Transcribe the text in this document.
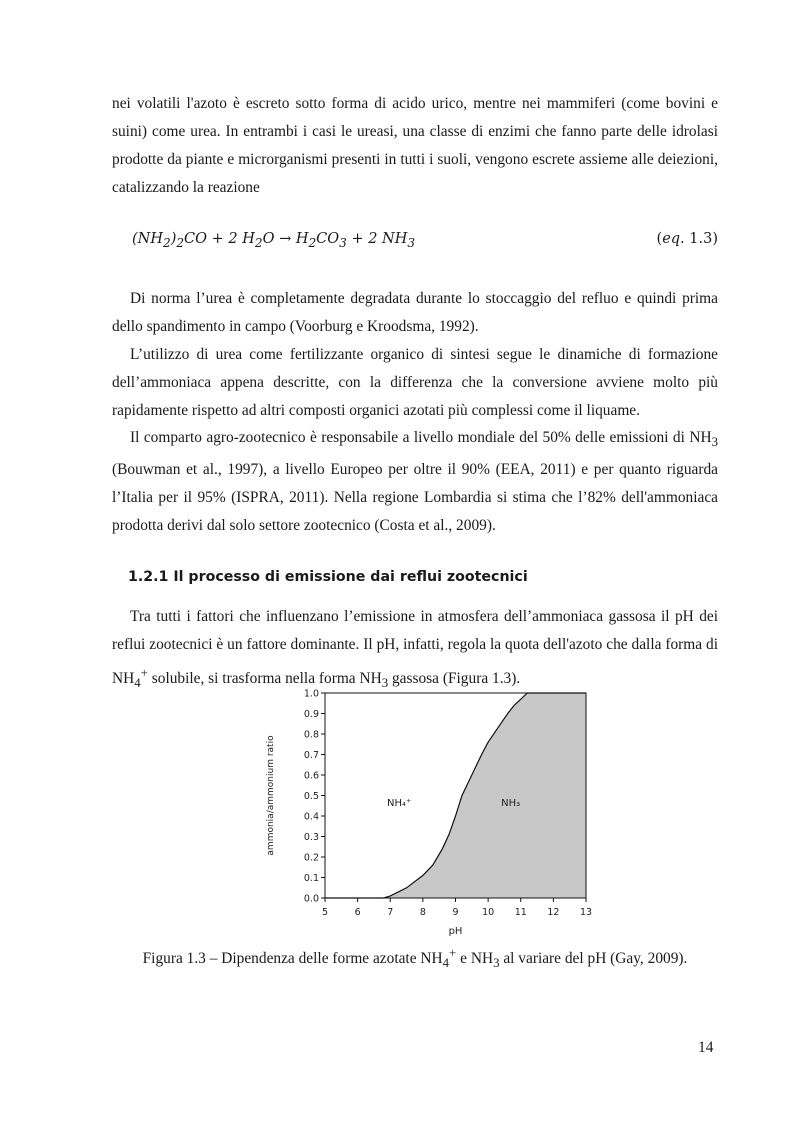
nei volatili l'azoto è escreto sotto forma di acido urico, mentre nei mammiferi (come bovini e suini) come urea. In entrambi i casi le ureasi, una classe di enzimi che fanno parte delle idrolasi prodotte da piante e microrganismi presenti in tutti i suoli, vengono escrete assieme alle deiezioni, catalizzando la reazione

$(NH_2)_2CO + 2$ $H_2O \to H_2CO_3 + 2$ $NH_3$	(eq. 1.3)

Di norma l’urea è completamente degradata durante lo stoccaggio del refluo e quindi prima dello spandimento in campo (Voorburg e Kroodsma, 1992).

L’utilizzo di urea come fertilizzante organico di sintesi segue le dinamiche di formazione dell’ammoniaca appena descritte, con la differenza che la conversione avviene molto più rapidamente rispetto ad altri composti organici azotati più complessi come il liquame.

Il comparto agro-zootecnico è responsabile a livello mondiale del 50% delle emissioni di $NH_3$ (Bouwman et al., 1997), a livello Europeo per oltre il 90% (EEA, 2011) e per quanto riguarda l’Italia per il 95% (ISPRA, 2011). Nella regione Lombardia si stima che l’82% dell'ammoniaca prodotta derivi dal solo settore zootecnico (Costa et al., 2009).

1.2.1 Il processo di emissione dai reflui zootecnici

Tra tutti i fattori che influenzano l’emissione in atmosfera dell’ammoniaca gassosa il pH dei reflui zootecnici è un fattore dominante. Il pH, infatti, regola la quota dell'azoto che dalla forma di $NH_4^+$ solubile, si trasforma nella forma $NH_3$ gassosa (Figura 1.3).

0.0
0.1
0.2
0.3
0.4
0.5
0.6
0.7
0.8
0.9
1.0
5	6	7	8	9 10 11 12 13
NH₄⁺	NH₃
pH
ammonia/ammonium ratio

Figura 1.3 – Dipendenza delle forme azotate $NH_4^+$ e $NH_3$ al variare del pH (Gay, 2009).

14
